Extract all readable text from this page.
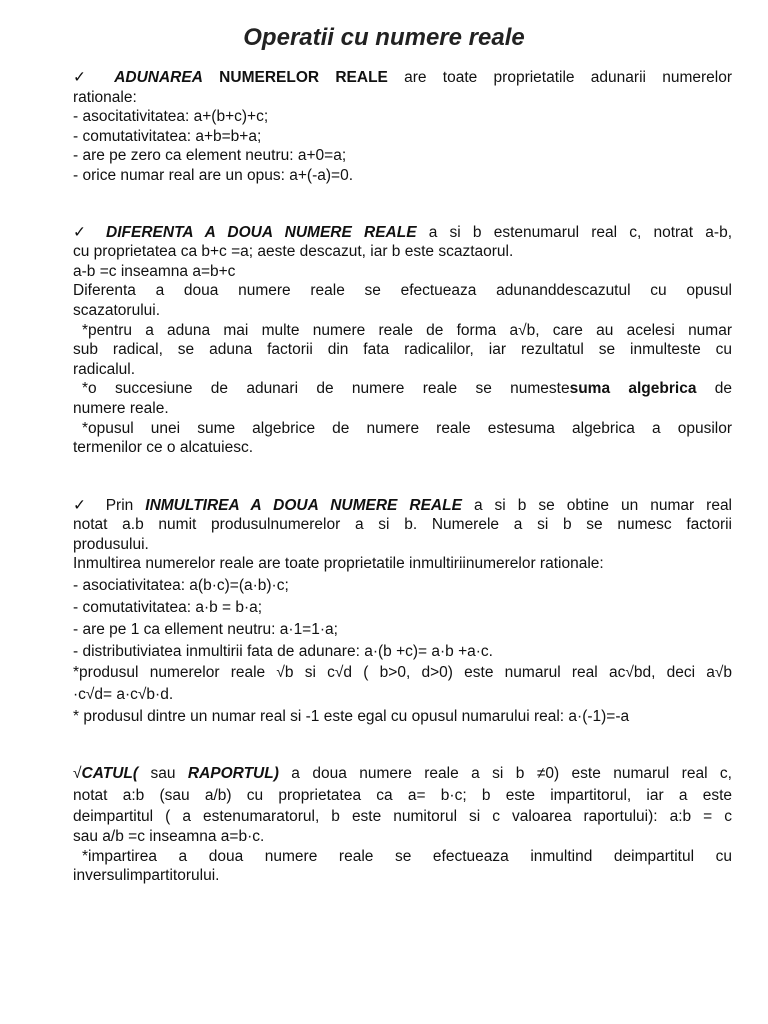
Operatii cu numere reale

✓ ADUNAREA NUMERELOR REALE are toate proprietatile adunarii numerelor

rationale:

- asocitativitatea: a+(b+c)+c;

- comutativitatea: a+b=b+a;

- are pe zero ca element neutru: a+0=a;

- orice numar real are un opus: a+(-a)=0.

✓ DIFERENTA A DOUA NUMERE REALE a si b estenumarul real c, notrat a-b,

cu proprietatea ca b+c =a; aeste descazut, iar b este scaztaorul.

a-b =c inseamna a=b+c

Diferenta a doua numere reale se efectueaza adunanddescazutul cu opusul

scazatorului.

*pentru a aduna mai multe numere reale de forma a√b, care au acelesi numar

sub radical, se aduna factorii din fata radicalilor, iar rezultatul se inmulteste cu

radicalul.

*o succesiune de adunari de numere reale se numestesuma algebrica de

numere reale.

*opusul unei sume algebrice de numere reale estesuma algebrica a opusilor

termenilor ce o alcatuiesc.

✓ Prin INMULTIREA A DOUA NUMERE REALE a si b se obtine un numar real

notat a.b numit produsulnumerelor a si b. Numerele a si b se numesc factorii

produsului.

Inmultirea numerelor reale are toate proprietatile inmultiriinumerelor rationale:

- asociativitatea: a(b·c)=(a·b)·c;

- comutativitatea: a·b = b·a;

- are pe 1 ca ellement neutru: a·1=1·a;

- distributiviatea inmultirii fata de adunare: a·(b +c)= a·b +a·c.

*produsul numerelor reale √b si c√d ( b>0, d>0) este numarul real ac√bd, deci a√b

·c√d= a·c√b·d.

* produsul dintre un numar real si -1 este egal cu opusul numarului real: a·(-1)=-a

√CATUL( sau RAPORTUL) a doua numere reale a si b ≠0) este numarul real c,

notat a:b (sau a/b) cu proprietatea ca a= b·c; b este impartitorul, iar a este

deimpartitul ( a estenumaratorul, b este numitorul si c valoarea raportului): a:b = c

sau a/b =c inseamna a=b·c.

*impartirea a doua numere reale se efectueaza inmultind deimpartitul cu

inversulimpartitorului.
